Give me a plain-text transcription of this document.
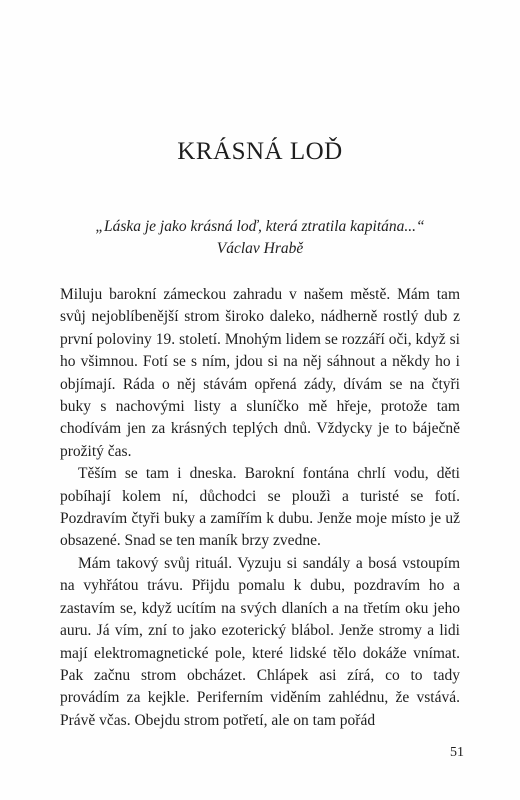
KRÁSNÁ LOĎ
„Láska je jako krásná loď, která ztratila kapitána...“
Václav Hrabě

Miluju barokní zámeckou zahradu v našem městě. Mám tam svůj nejoblíbenější strom široko daleko, nádherně rostlý dub z první poloviny 19. století. Mnohým lidem se rozzáří oči, když si ho všimnou. Fotí se s ním, jdou si na něj sáhnout a někdy ho i objímají. Ráda o něj stávám opřená zády, dívám se na čtyři buky s nachovými listy a sluníčko mě hřeje, protože tam chodívám jen za krásných teplých dnů. Vždycky je to báječně prožitý čas.

Těším se tam i dneska. Barokní fontána chrlí vodu, děti pobíhají kolem ní, důchodci se ploužì a turisté se fotí. Pozdravím čtyři buky a zamířím k dubu. Jenže moje místo je už obsazené. Snad se ten maník brzy zvedne.

Mám takový svůj rituál. Vyzuju si sandály a bosá vstoupím na vyhřátou trávu. Přijdu pomalu k dubu, pozdravím ho a zastavím se, když ucítím na svých dlaních a na třetím oku jeho auru. Já vím, zní to jako ezoterický blábol. Jenže stromy a lidi mají elektromagnetické pole, které lidské tělo dokáže vnímat. Pak začnu strom obcházet. Chlápek asi zírá, co to tady provádím za kejkle. Periferním viděním zahlédnu, že vstává. Právě včas. Obejdu strom potřetí, ale on tam pořád

51
